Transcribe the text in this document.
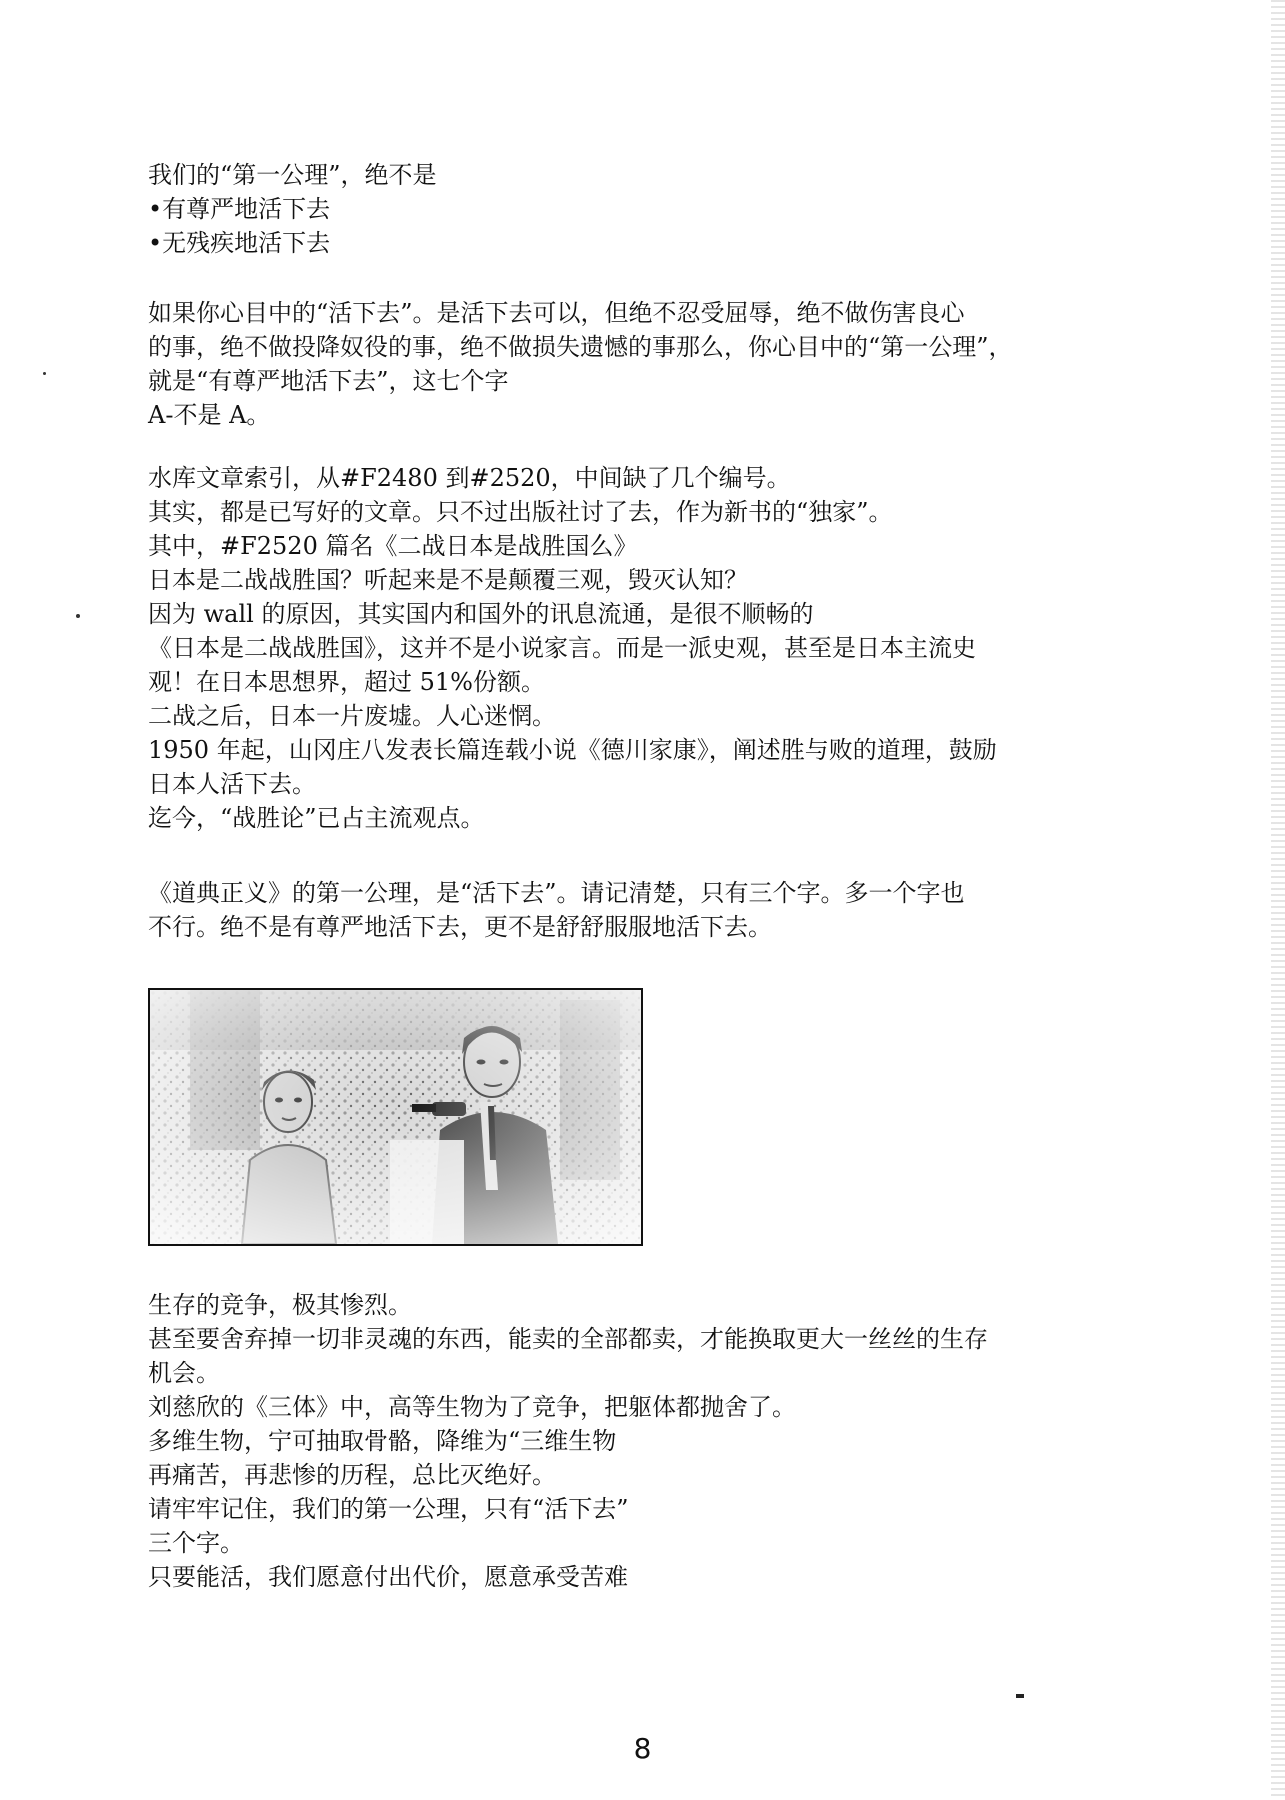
我们的“第一公理”，绝不是
•有尊严地活下去
•无残疾地活下去
如果你心目中的“活下去”。是活下去可以，但绝不忍受屈辱，绝不做伤害良心
的事，绝不做投降奴役的事，绝不做损失遗憾的事那么，你心目中的“第一公理”，
就是“有尊严地活下去”，这七个字
A-不是 A。
水库文章索引，从#F2480 到#2520，中间缺了几个编号。
其实，都是已写好的文章。只不过出版社讨了去，作为新书的“独家”。
其中，#F2520 篇名《二战日本是战胜国么》
日本是二战战胜国？听起来是不是颠覆三观，毁灭认知？
因为 wall 的原因，其实国内和国外的讯息流通，是很不顺畅的
《日本是二战战胜国》，这并不是小说家言。而是一派史观，甚至是日本主流史
观！在日本思想界，超过 51%份额。
二战之后，日本一片废墟。人心迷惘。
1950 年起，山冈庄八发表长篇连载小说《德川家康》，阐述胜与败的道理，鼓励
日本人活下去。
迄今，“战胜论”已占主流观点。
《道典正义》的第一公理，是“活下去”。请记清楚，只有三个字。多一个字也
不行。绝不是有尊严地活下去，更不是舒舒服服地活下去。
生存的竞争，极其惨烈。
甚至要舍弃掉一切非灵魂的东西，能卖的全部都卖，才能换取更大一丝丝的生存
机会。
刘慈欣的《三体》中，高等生物为了竞争，把躯体都抛舍了。
多维生物，宁可抽取骨骼，降维为“三维生物
再痛苦，再悲惨的历程，总比灭绝好。
请牢牢记住，我们的第一公理，只有“活下去”
三个字。
只要能活，我们愿意付出代价，愿意承受苦难
8
